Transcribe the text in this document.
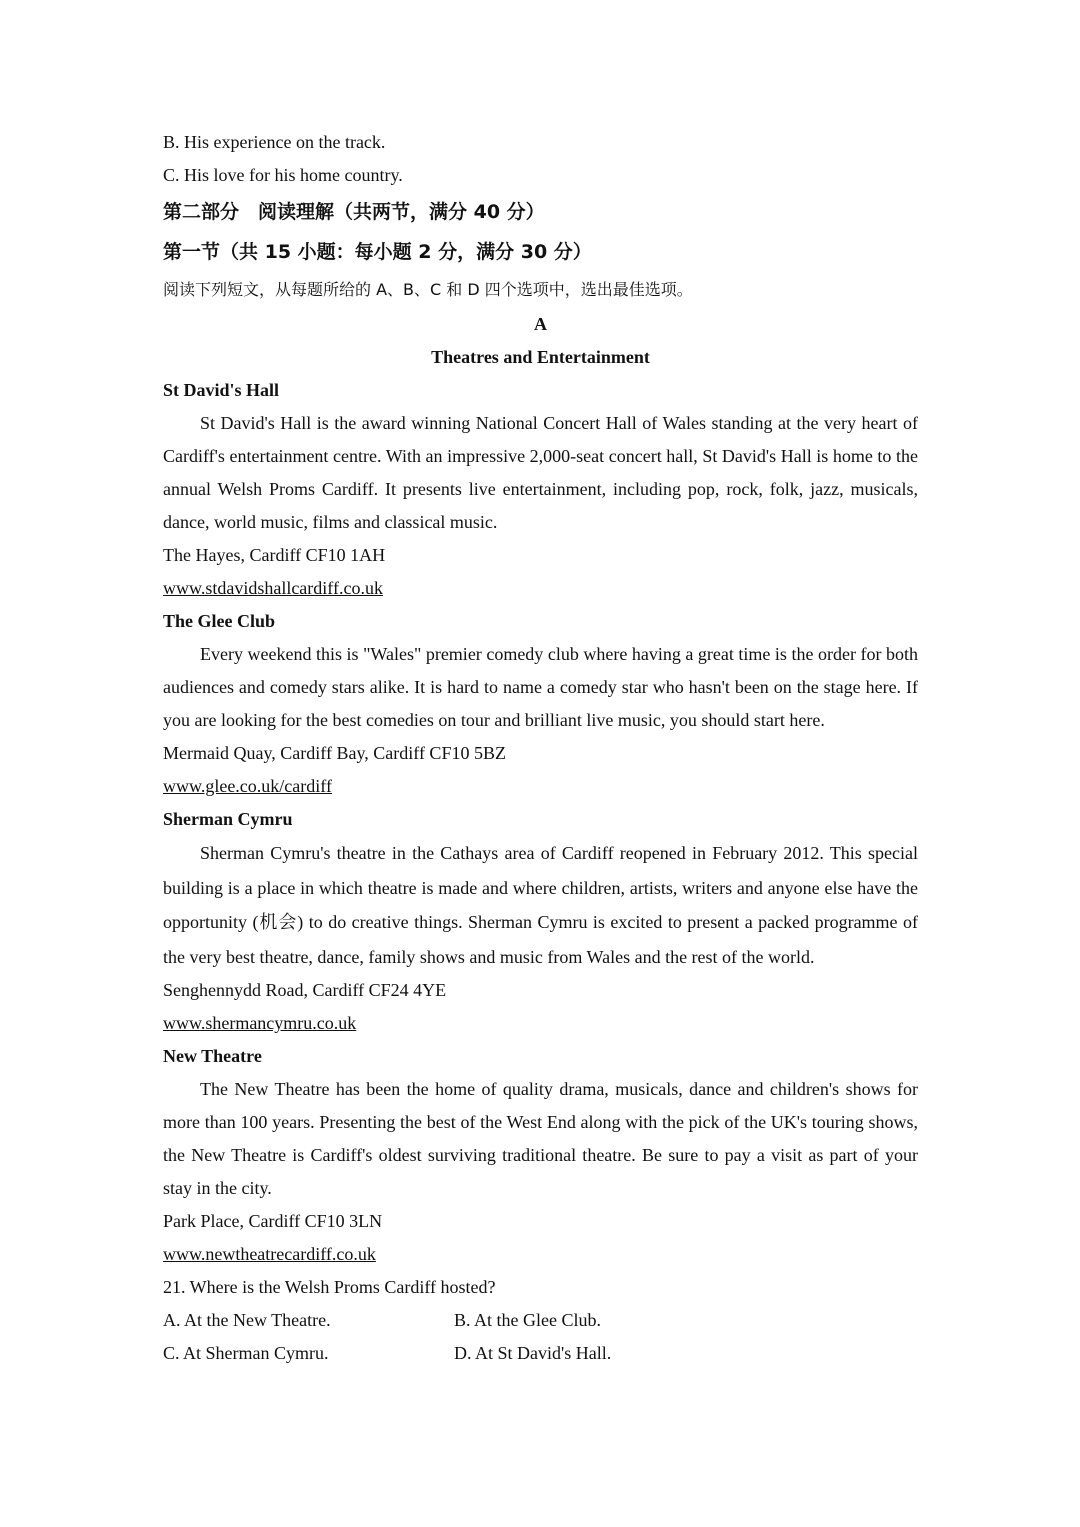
B. His experience on the track.
C. His love for his home country.
第二部分　阅读理解（共两节，满分 40 分）
第一节（共 15 小题：每小题 2 分，满分 30 分）
阅读下列短文，从每题所给的 A、B、C 和 D 四个选项中，选出最佳选项。
A
Theatres and Entertainment
St David's Hall
St David's Hall is the award winning National Concert Hall of Wales standing at the very heart of Cardiff's entertainment centre. With an impressive 2,000-seat concert hall, St David's Hall is home to the annual Welsh Proms Cardiff. It presents live entertainment, including pop, rock, folk, jazz, musicals, dance, world music, films and classical music.
The Hayes, Cardiff CF10 1AH
www.stdavidshallcardiff.co.uk
The Glee Club
Every weekend this is "Wales" premier comedy club where having a great time is the order for both audiences and comedy stars alike. It is hard to name a comedy star who hasn't been on the stage here. If you are looking for the best comedies on tour and brilliant live music, you should start here.
Mermaid Quay, Cardiff Bay, Cardiff CF10 5BZ
www.glee.co.uk/cardiff
Sherman Cymru
Sherman Cymru's theatre in the Cathays area of Cardiff reopened in February 2012. This special building is a place in which theatre is made and where children, artists, writers and anyone else have the opportunity (机会) to do creative things. Sherman Cymru is excited to present a packed programme of the very best theatre, dance, family shows and music from Wales and the rest of the world.
Senghennydd Road, Cardiff CF24 4YE
www.shermancymru.co.uk
New Theatre
The New Theatre has been the home of quality drama, musicals, dance and children's shows for more than 100 years. Presenting the best of the West End along with the pick of the UK's touring shows, the New Theatre is Cardiff's oldest surviving traditional theatre. Be sure to pay a visit as part of your stay in the city.
Park Place, Cardiff CF10 3LN
www.newtheatrecardiff.co.uk
21. Where is the Welsh Proms Cardiff hosted?
A. At the New Theatre.	B. At the Glee Club.
C. At Sherman Cymru.	D. At St David's Hall.
